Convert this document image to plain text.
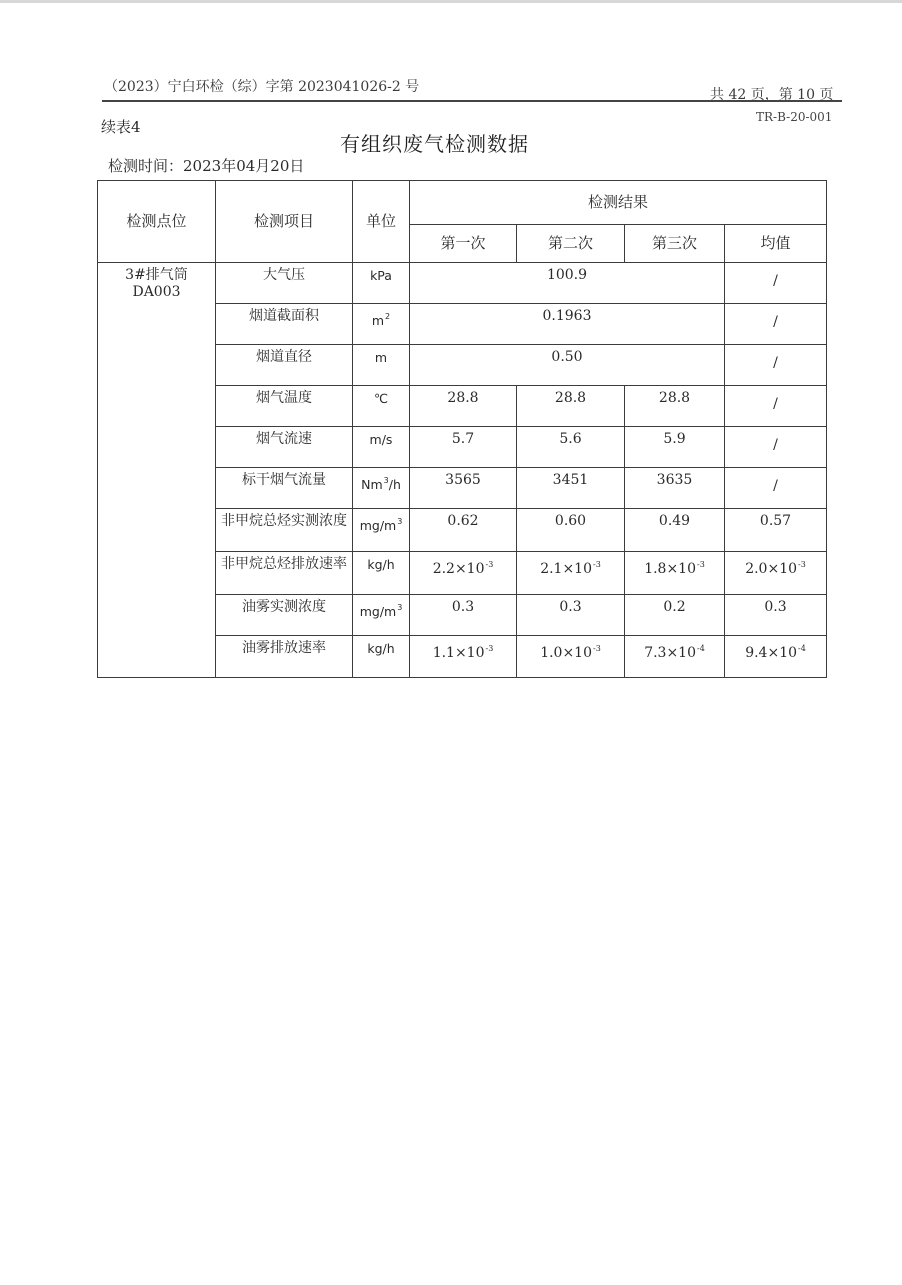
（2023）宁白环检（综）字第 2023041026-2 号	共 42 页，第 10 页
TR-B-20-001
续表4
有组织废气检测数据
检测时间：2023年04月20日
检测点位	检测项目	单位	检测结果			
			第一次	第二次	第三次	均值

3#排气筒
DA003	大气压	kPa	100.9			/
	烟道截面积	$m^2$	0.1963			/
	烟道直径	m	0.50			/
	烟气温度	℃	28.8	28.8	28.8	/
	烟气流速	m/s	5.7	5.6	5.9	/
	标干烟气流量	Nm$^3$/h	3565	3451	3635	/
	非甲烷总烃实测浓度	$mg/m^3$	0.62	0.60	0.49	0.57
	非甲烷总烃排放速率	kg/h	$2.2\times 10^{-3}$	$2.1\times 10^{-3}$	$1.8\times 10^{-3}$	$2.0\times 10^{-3}$
	油雾实测浓度	$mg/m^3$	0.3	0.3	0.2	0.3
	油雾排放速率	kg/h	$1.1\times 10^{-3}$	$1.0\times 10^{-3}$	$7.3\times 10^{-4}$	$9.4\times 10^{-4}$
